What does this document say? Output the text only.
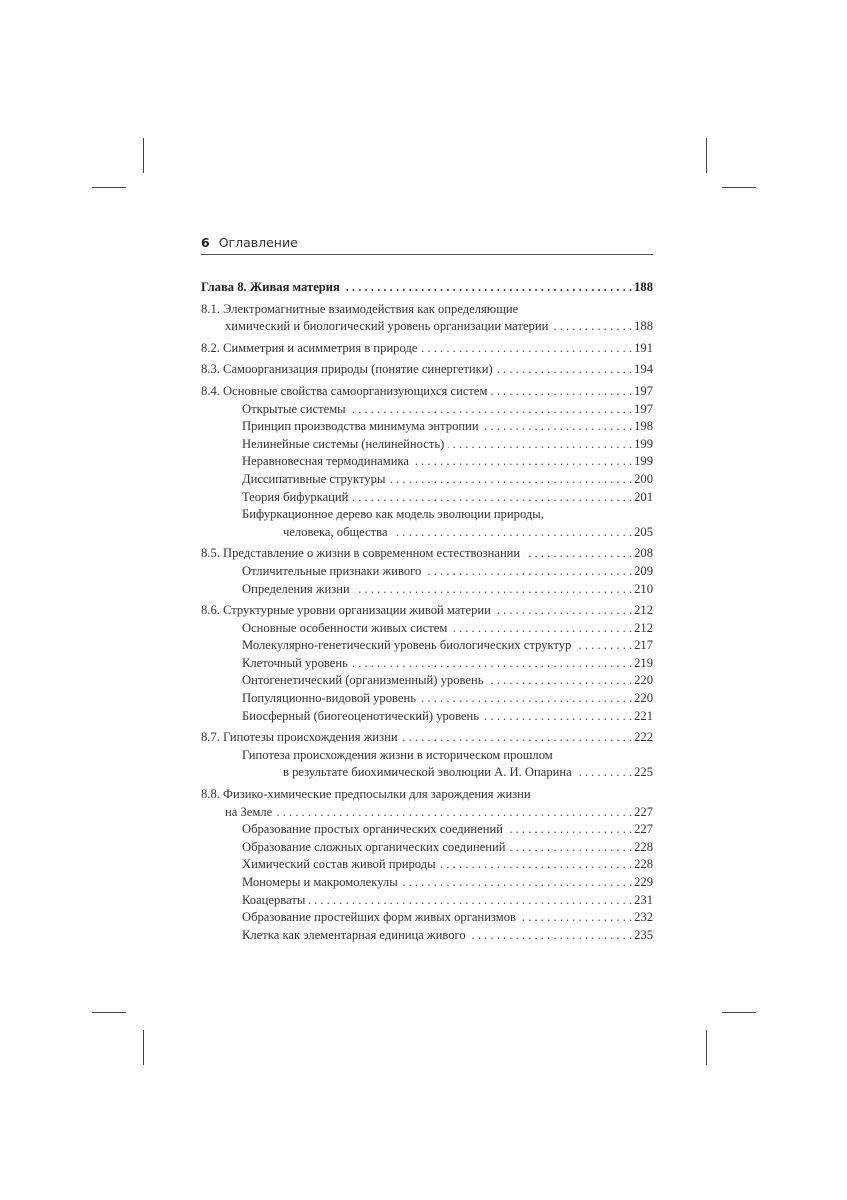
6 Оглавление
Глава 8. Живая материя . . .	188
8.1. Электромагнитные взаимодействия как определяющие
химический и биологический уровень организации материи . . .	188
8.2. Симметрия и асимметрия в природе . . .	191
8.3. Самоорганизация природы (понятие синергетики) . . .	194
8.4. Основные свойства самоорганизующихся систем . . .	197
Открытые системы . . .	197
Принцип производства минимума энтропии . . .	198
Нелинейные системы (нелинейность) . . .	199
Неравновесная термодинамика . . .	199
Диссипативные структуры . . .	200
Теория бифуркаций . . .	201
Бифуркационное дерево как модель эволюции природы,
человека, общества . . .	205
8.5. Представление о жизни в современном естествознании . . .	208
Отличительные признаки живого . . .	209
Определения жизни . . .	210
8.6. Структурные уровни организации живой материи . . .	212
Основные особенности живых систем . . .	212
Молекулярно-генетический уровень биологических структур . . .	217
Клеточный уровень . . .	219
Онтогенетический (организменный) уровень . . .	220
Популяционно-видовой уровень . . .	220
Биосферный (биогеоценотический) уровень . . .	221
8.7. Гипотезы происхождения жизни . . .	222
Гипотеза происхождения жизни в историческом прошлом
в результате биохимической эволюции А. И. Опарина . . .	225
8.8. Физико-химические предпосылки для зарождения жизни
на Земле . . .	227
Образование простых органических соединений . . .	227
Образование сложных органических соединений . . .	228
Химический состав живой природы . . .	228
Мономеры и макромолекулы . . .	229
Коацерваты . . .	231
Образование простейших форм живых организмов . . .	232
Клетка как элементарная единица живого . . .	235
